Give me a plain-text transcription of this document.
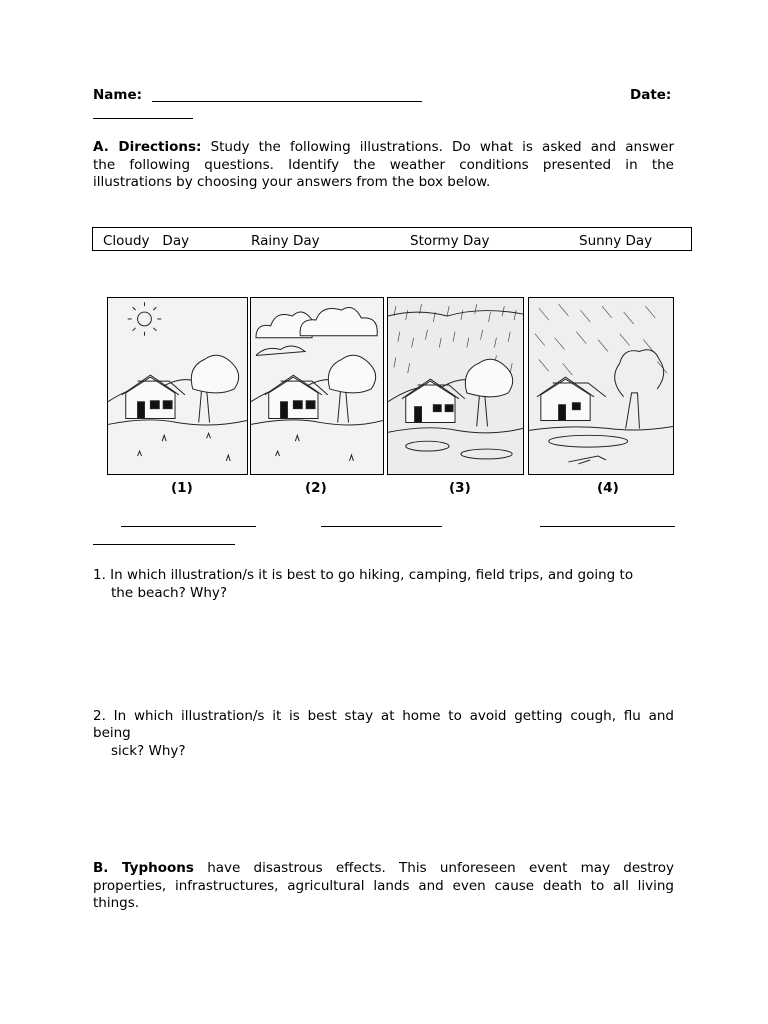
Name:	Date:
A. Directions: Study the following illustrations. Do what is asked and answer
the following questions. Identify the weather conditions presented in the
illustrations by choosing your answers from the box below.
Cloudy   Day	Rainy Day	Stormy Day	Sunny Day
(1)	(2)	(3)	(4)
1. In which illustration/s it is best to go hiking, camping, field trips, and going to
the beach? Why?
2. In which illustration/s it is best stay at home to avoid getting cough, flu and
being
sick? Why?
B. Typhoons have disastrous effects. This unforeseen event may destroy
properties, infrastructures, agricultural lands and even cause death to all living
things.
